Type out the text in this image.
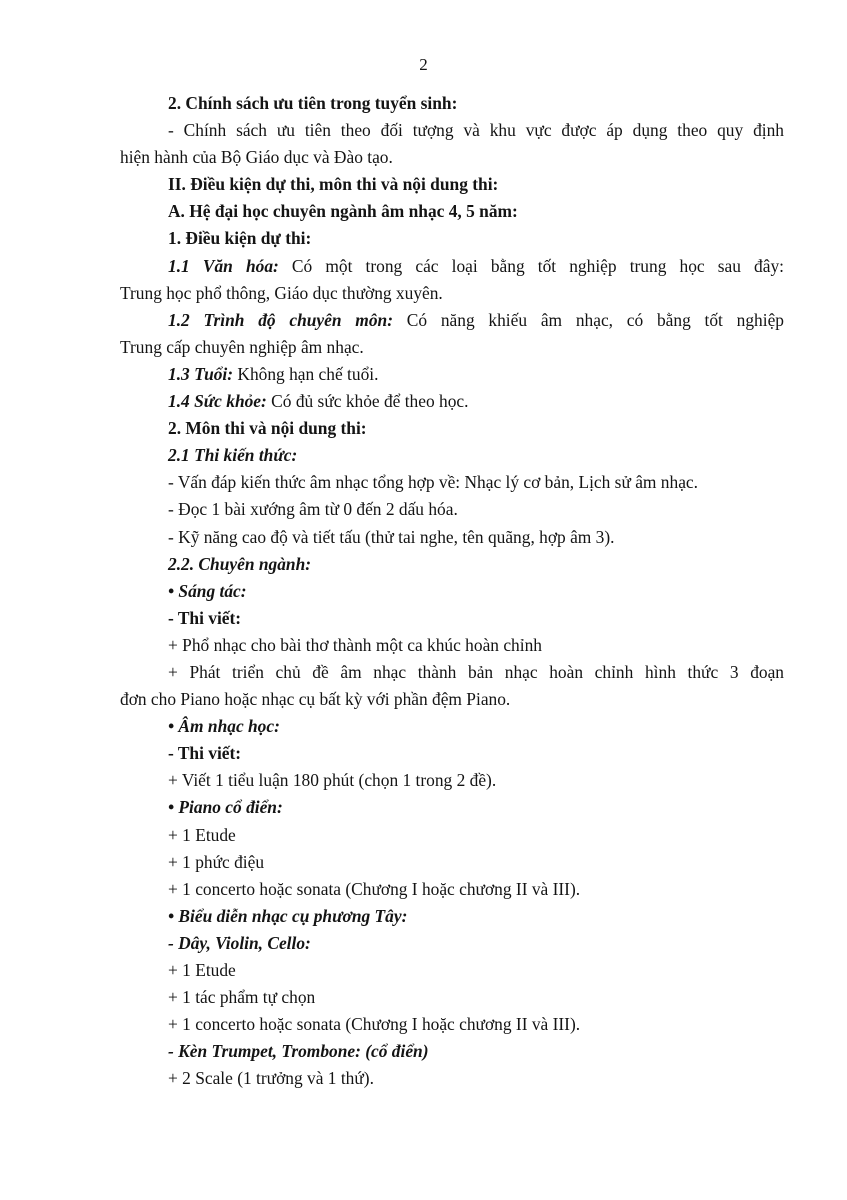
2
2. Chính sách ưu tiên trong tuyển sinh:
- Chính sách ưu tiên theo đối tượng và khu vực được áp dụng theo quy định
hiện hành của Bộ Giáo dục và Đào tạo.
II. Điều kiện dự thi, môn thi và nội dung thi:
A. Hệ đại học chuyên ngành âm nhạc 4, 5 năm:
1. Điều kiện dự thi:
1.1 Văn hóa: Có một trong các loại bằng tốt nghiệp trung học sau đây:
Trung học phổ thông, Giáo dục thường xuyên.
1.2 Trình độ chuyên môn: Có năng khiếu âm nhạc, có bằng tốt nghiệp
Trung cấp chuyên nghiệp âm nhạc.
1.3 Tuổi: Không hạn chế tuổi.
1.4 Sức khỏe: Có đủ sức khỏe để theo học.
2. Môn thi và nội dung thi:
2.1 Thi kiến thức:
- Vấn đáp kiến thức âm nhạc tổng hợp về: Nhạc lý cơ bản, Lịch sử âm nhạc.
- Đọc 1 bài xướng âm từ 0 đến 2 dấu hóa.
- Kỹ năng cao độ và tiết tấu (thử tai nghe, tên quãng, hợp âm 3).
2.2. Chuyên ngành:
• Sáng tác:
- Thi viết:
+ Phổ nhạc cho bài thơ thành một ca khúc hoàn chỉnh
+ Phát triển chủ đề âm nhạc thành bản nhạc hoàn chỉnh hình thức 3 đoạn
đơn cho Piano hoặc nhạc cụ bất kỳ với phần đệm Piano.
• Âm nhạc học:
- Thi viết:
+ Viết 1 tiểu luận 180 phút (chọn 1 trong 2 đề).
• Piano cổ điển:
+ 1 Etude
+ 1 phức điệu
+ 1 concerto hoặc sonata (Chương I hoặc chương II và III).
• Biểu diễn nhạc cụ phương Tây:
- Dây, Violin, Cello:
+ 1 Etude
+ 1 tác phẩm tự chọn
+ 1 concerto hoặc sonata (Chương I hoặc chương II và III).
- Kèn Trumpet, Trombone: (cổ điển)
+ 2 Scale (1 trưởng và 1 thứ).
